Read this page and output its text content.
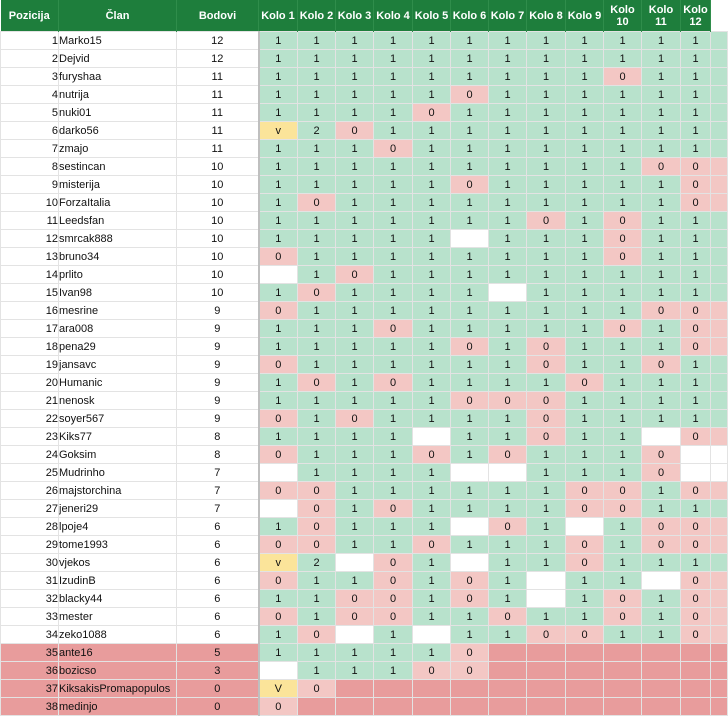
Pozicija	Član	Bodovi	Kolo 1	Kolo 2	Kolo 3	Kolo 4	Kolo 5	Kolo 6	Kolo 7	Kolo 8	Kolo 9	Kolo 10	Kolo 11	Kolo 12	
1	Marko15	12	1	1	1	1	1	1	1	1	1	1	1	1	
2	Dejvid	12	1	1	1	1	1	1	1	1	1	1	1	1	
3	furyshaa	11	1	1	1	1	1	1	1	1	1	0	1	1	
4	nutrija	11	1	1	1	1	1	0	1	1	1	1	1	1	
5	nuki01	11	1	1	1	1	0	1	1	1	1	1	1	1	
6	darko56	11	v	2	0	1	1	1	1	1	1	1	1	1	
7	zmajo	11	1	1	1	0	1	1	1	1	1	1	1	1	
8	sestincan	10	1	1	1	1	1	1	1	1	1	1	0	0	
9	misterija	10	1	1	1	1	1	0	1	1	1	1	1	0	
10	ForzaItalia	10	1	0	1	1	1	1	1	1	1	1	1	0	
11	Leedsfan	10	1	1	1	1	1	1	1	0	1	0	1	1	
12	smrcak888	10	1	1	1	1	1		1	1	1	0	1	1	
13	bruno34	10	0	1	1	1	1	1	1	1	1	0	1	1	
14	prlito	10		1	0	1	1	1	1	1	1	1	1	1	
15	Ivan98	10	1	0	1	1	1	1		1	1	1	1	1	
16	mesrine	9	0	1	1	1	1	1	1	1	1	1	0	0	
17	ara008	9	1	1	1	0	1	1	1	1	1	0	1	0	
18	pena29	9	1	1	1	1	1	0	1	0	1	1	1	0	
19	jansavc	9	0	1	1	1	1	1	1	0	1	1	0	1	
20	Humanic	9	1	0	1	0	1	1	1	1	0	1	1	1	
21	nenosk	9	1	1	1	1	1	0	0	0	1	1	1	1	
22	soyer567	9	0	1	0	1	1	1	1	0	1	1	1	1	
23	Kiks77	8	1	1	1	1		1	1	0	1	1		0	
24	Goksim	8	0	1	1	1	0	1	0	1	1	1	0		
25	Mudrinho	7		1	1	1	1			1	1	1	0		
26	majstorchina	7	0	0	1	1	1	1	1	1	0	0	1	0	
27	jeneri29	7		0	1	0	1	1	1	1	0	0	1	1	
28	lpoje4	6	1	0	1	1	1		0	1		1	0	0	
29	tome1993	6	0	0	1	1	0	1	1	1	0	1	0	0	
30	vjekos	6	v	2		0	1		1	1	0	1	1	1	
31	IzudinB	6	0	1	1	0	1	0	1		1	1		0	
32	blacky44	6	1	1	0	0	1	0	1		1	0	1	0	
33	mester	6	0	1	0	0	1	1	0	1	1	0	1	0	
34	zeko1088	6	1	0		1		1	1	0	0	1	1	0	
35	ante16	5	1	1	1	1	1	0							
36	bozicso	3		1	1	1	0	0							
37	KiksakisPromapopulos	0	V	0											
38	medinjo	0	0												
